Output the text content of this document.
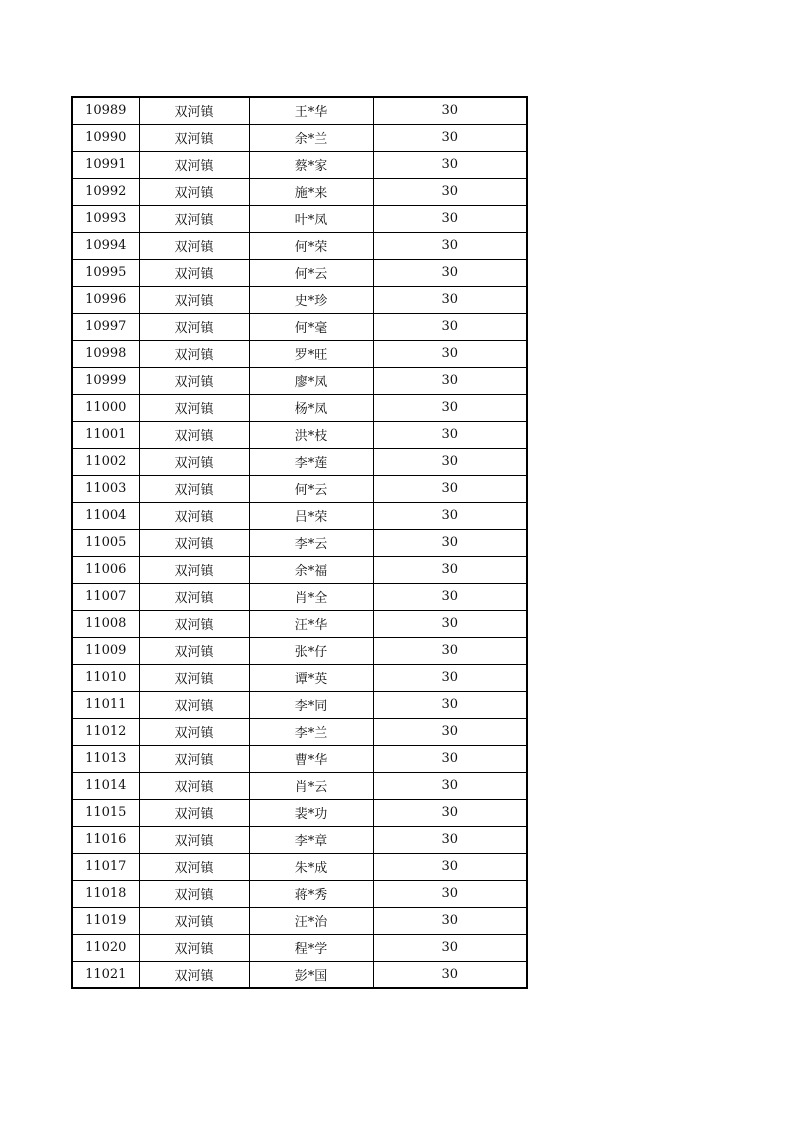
10989	双河镇	王*华	30
10990	双河镇	余*兰	30
10991	双河镇	蔡*家	30
10992	双河镇	施*来	30
10993	双河镇	叶*凤	30
10994	双河镇	何*荣	30
10995	双河镇	何*云	30
10996	双河镇	史*珍	30
10997	双河镇	何*毫	30
10998	双河镇	罗*旺	30
10999	双河镇	廖*凤	30
11000	双河镇	杨*凤	30
11001	双河镇	洪*枝	30
11002	双河镇	李*莲	30
11003	双河镇	何*云	30
11004	双河镇	吕*荣	30
11005	双河镇	李*云	30
11006	双河镇	余*福	30
11007	双河镇	肖*全	30
11008	双河镇	汪*华	30
11009	双河镇	张*仔	30
11010	双河镇	谭*英	30
11011	双河镇	李*同	30
11012	双河镇	李*兰	30
11013	双河镇	曹*华	30
11014	双河镇	肖*云	30
11015	双河镇	裴*功	30
11016	双河镇	李*章	30
11017	双河镇	朱*成	30
11018	双河镇	蒋*秀	30
11019	双河镇	汪*治	30
11020	双河镇	程*学	30
11021	双河镇	彭*国	30
